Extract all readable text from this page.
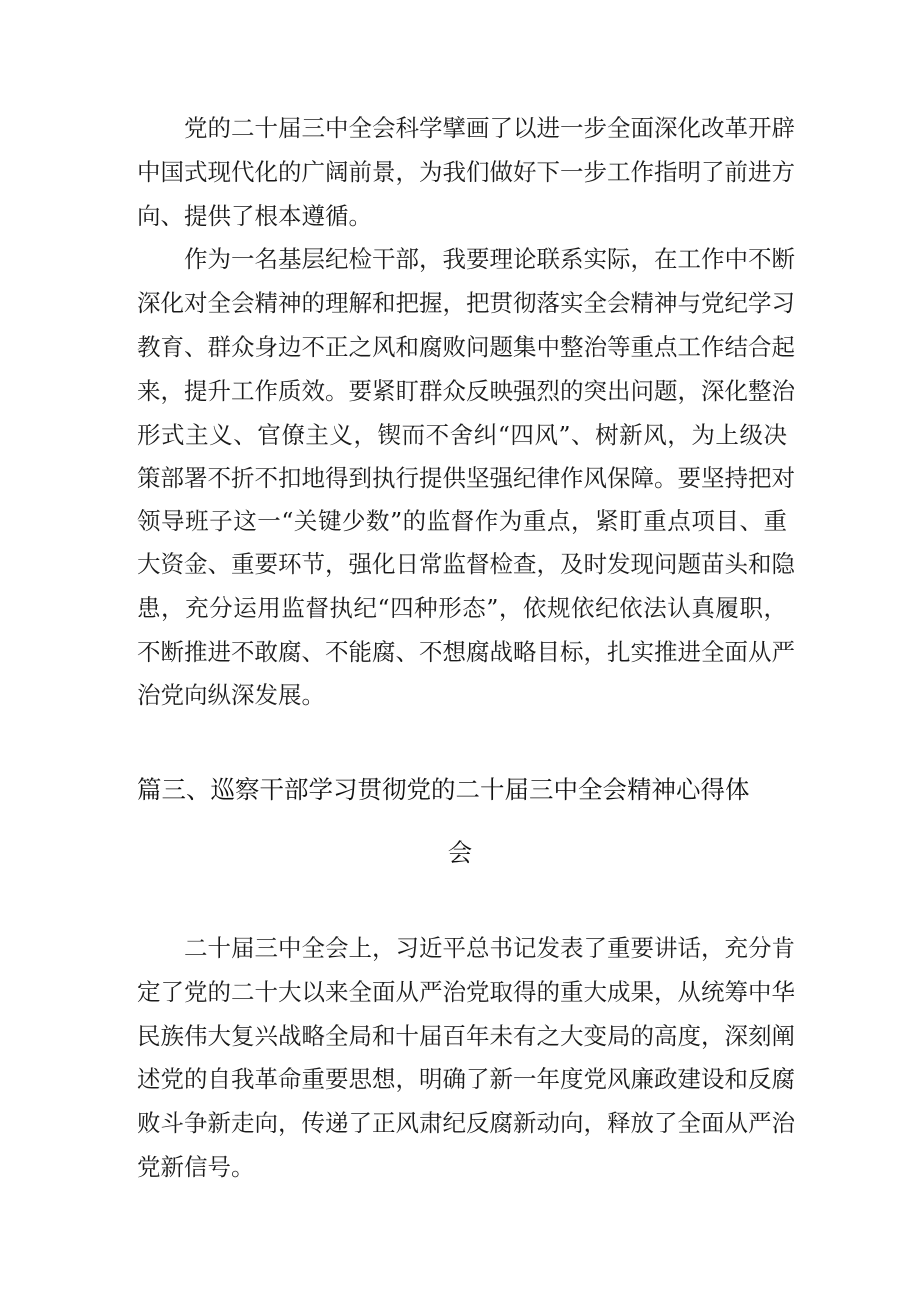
党的二十届三中全会科学擘画了以进一步全面深化改革开辟
中国式现代化的广阔前景，为我们做好下一步工作指明了前进方
向、提供了根本遵循。
作为一名基层纪检干部，我要理论联系实际，在工作中不断
深化对全会精神的理解和把握，把贯彻落实全会精神与党纪学习
教育、群众身边不正之风和腐败问题集中整治等重点工作结合起
来，提升工作质效。要紧盯群众反映强烈的突出问题，深化整治
形式主义、官僚主义，锲而不舍纠“四风”、树新风，为上级决
策部署不折不扣地得到执行提供坚强纪律作风保障。要坚持把对
领导班子这一“关键少数”的监督作为重点，紧盯重点项目、重
大资金、重要环节，强化日常监督检查，及时发现问题苗头和隐
患，充分运用监督执纪“四种形态”，依规依纪依法认真履职，
不断推进不敢腐、不能腐、不想腐战略目标，扎实推进全面从严
治党向纵深发展。
篇三、巡察干部学习贯彻党的二十届三中全会精神心得体
会
二十届三中全会上，习近平总书记发表了重要讲话，充分肯
定了党的二十大以来全面从严治党取得的重大成果，从统筹中华
民族伟大复兴战略全局和十届百年未有之大变局的高度，深刻阐
述党的自我革命重要思想，明确了新一年度党风廉政建设和反腐
败斗争新走向，传递了正风肃纪反腐新动向，释放了全面从严治
党新信号。
